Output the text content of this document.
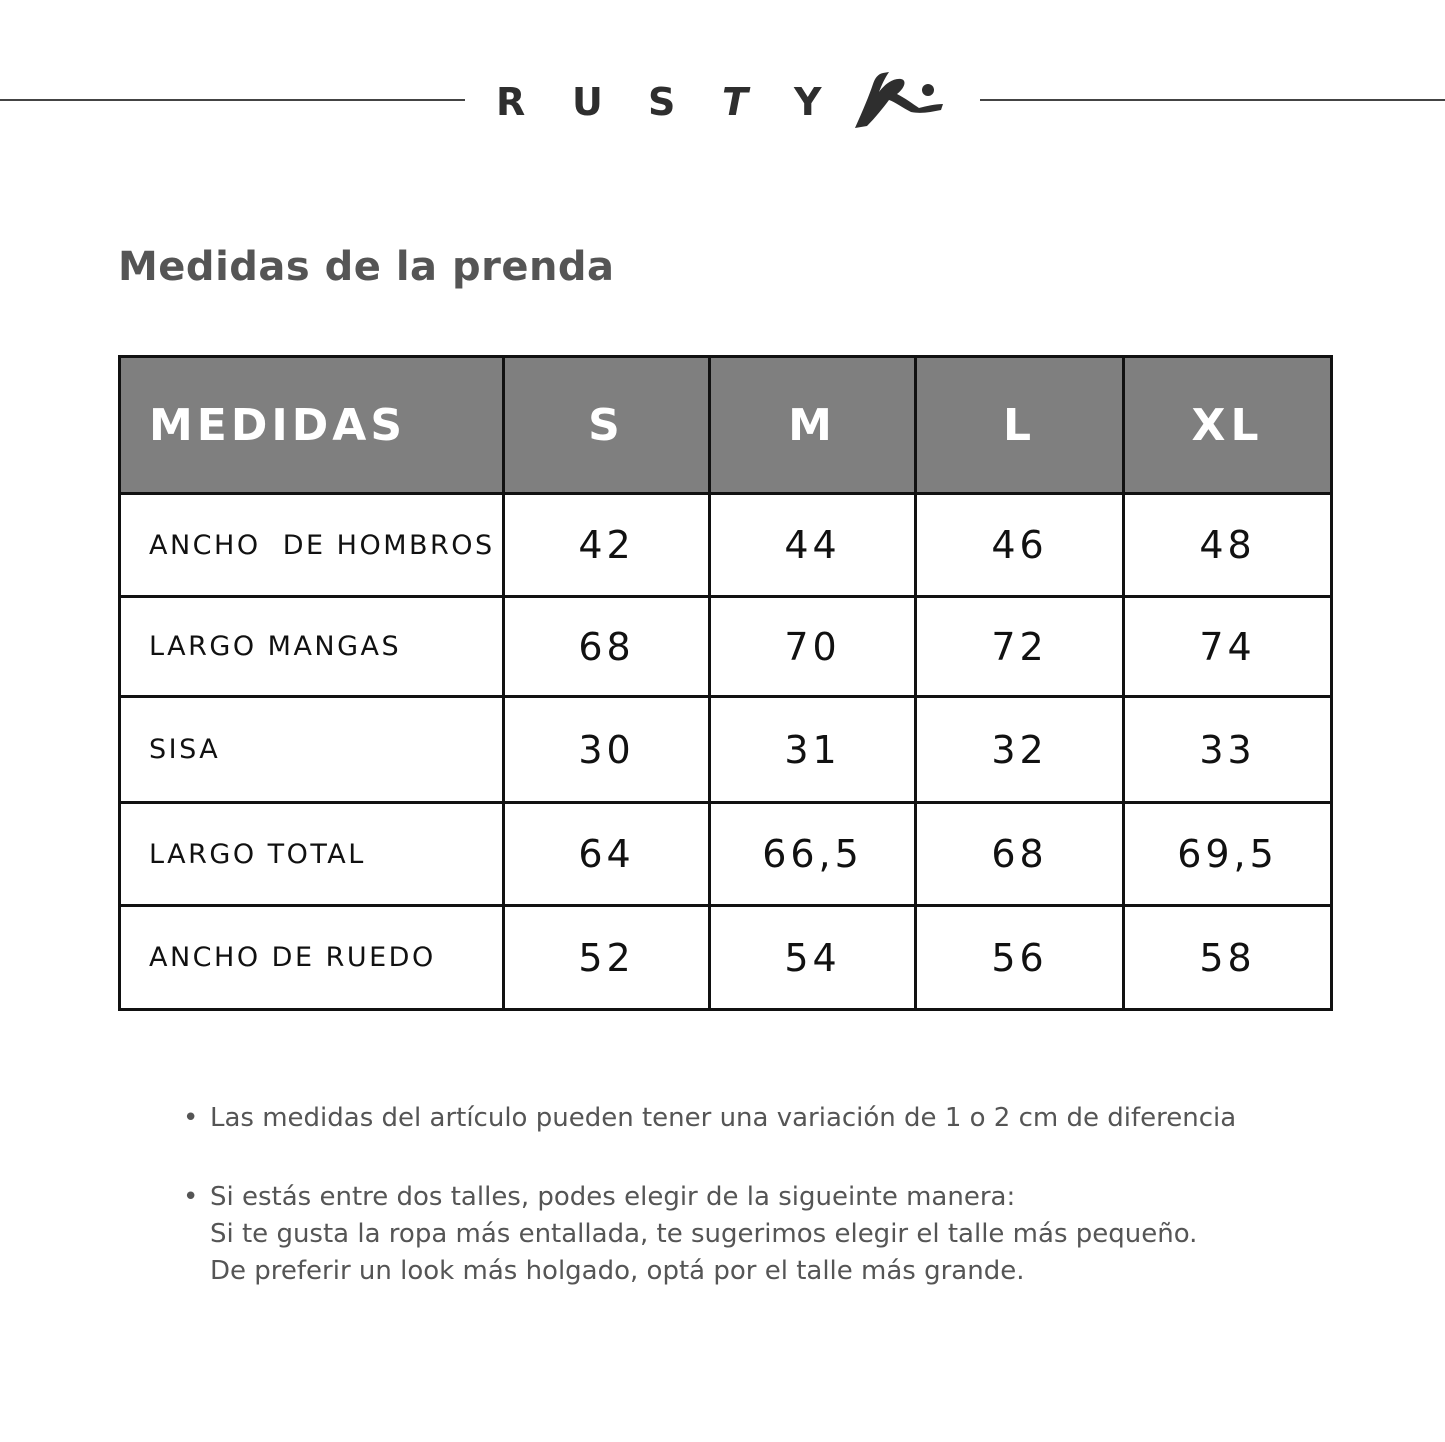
R U S T Y
Medidas de la prenda
MEDIDAS	S	M	L	XL
ANCHO  DE HOMBROS	42	44	46	48
LARGO MANGAS	68	70	72	74
SISA	30	31	32	33
LARGO TOTAL	64	66,5	68	69,5
ANCHO DE RUEDO	52	54	56	58
• Las medidas del artículo pueden tener una variación de 1 o 2 cm de diferencia
• Si estás entre dos talles, podes elegir de la sigueinte manera:
Si te gusta la ropa más entallada, te sugerimos elegir el talle más pequeño.
De preferir un look más holgado, optá por el talle más grande.
